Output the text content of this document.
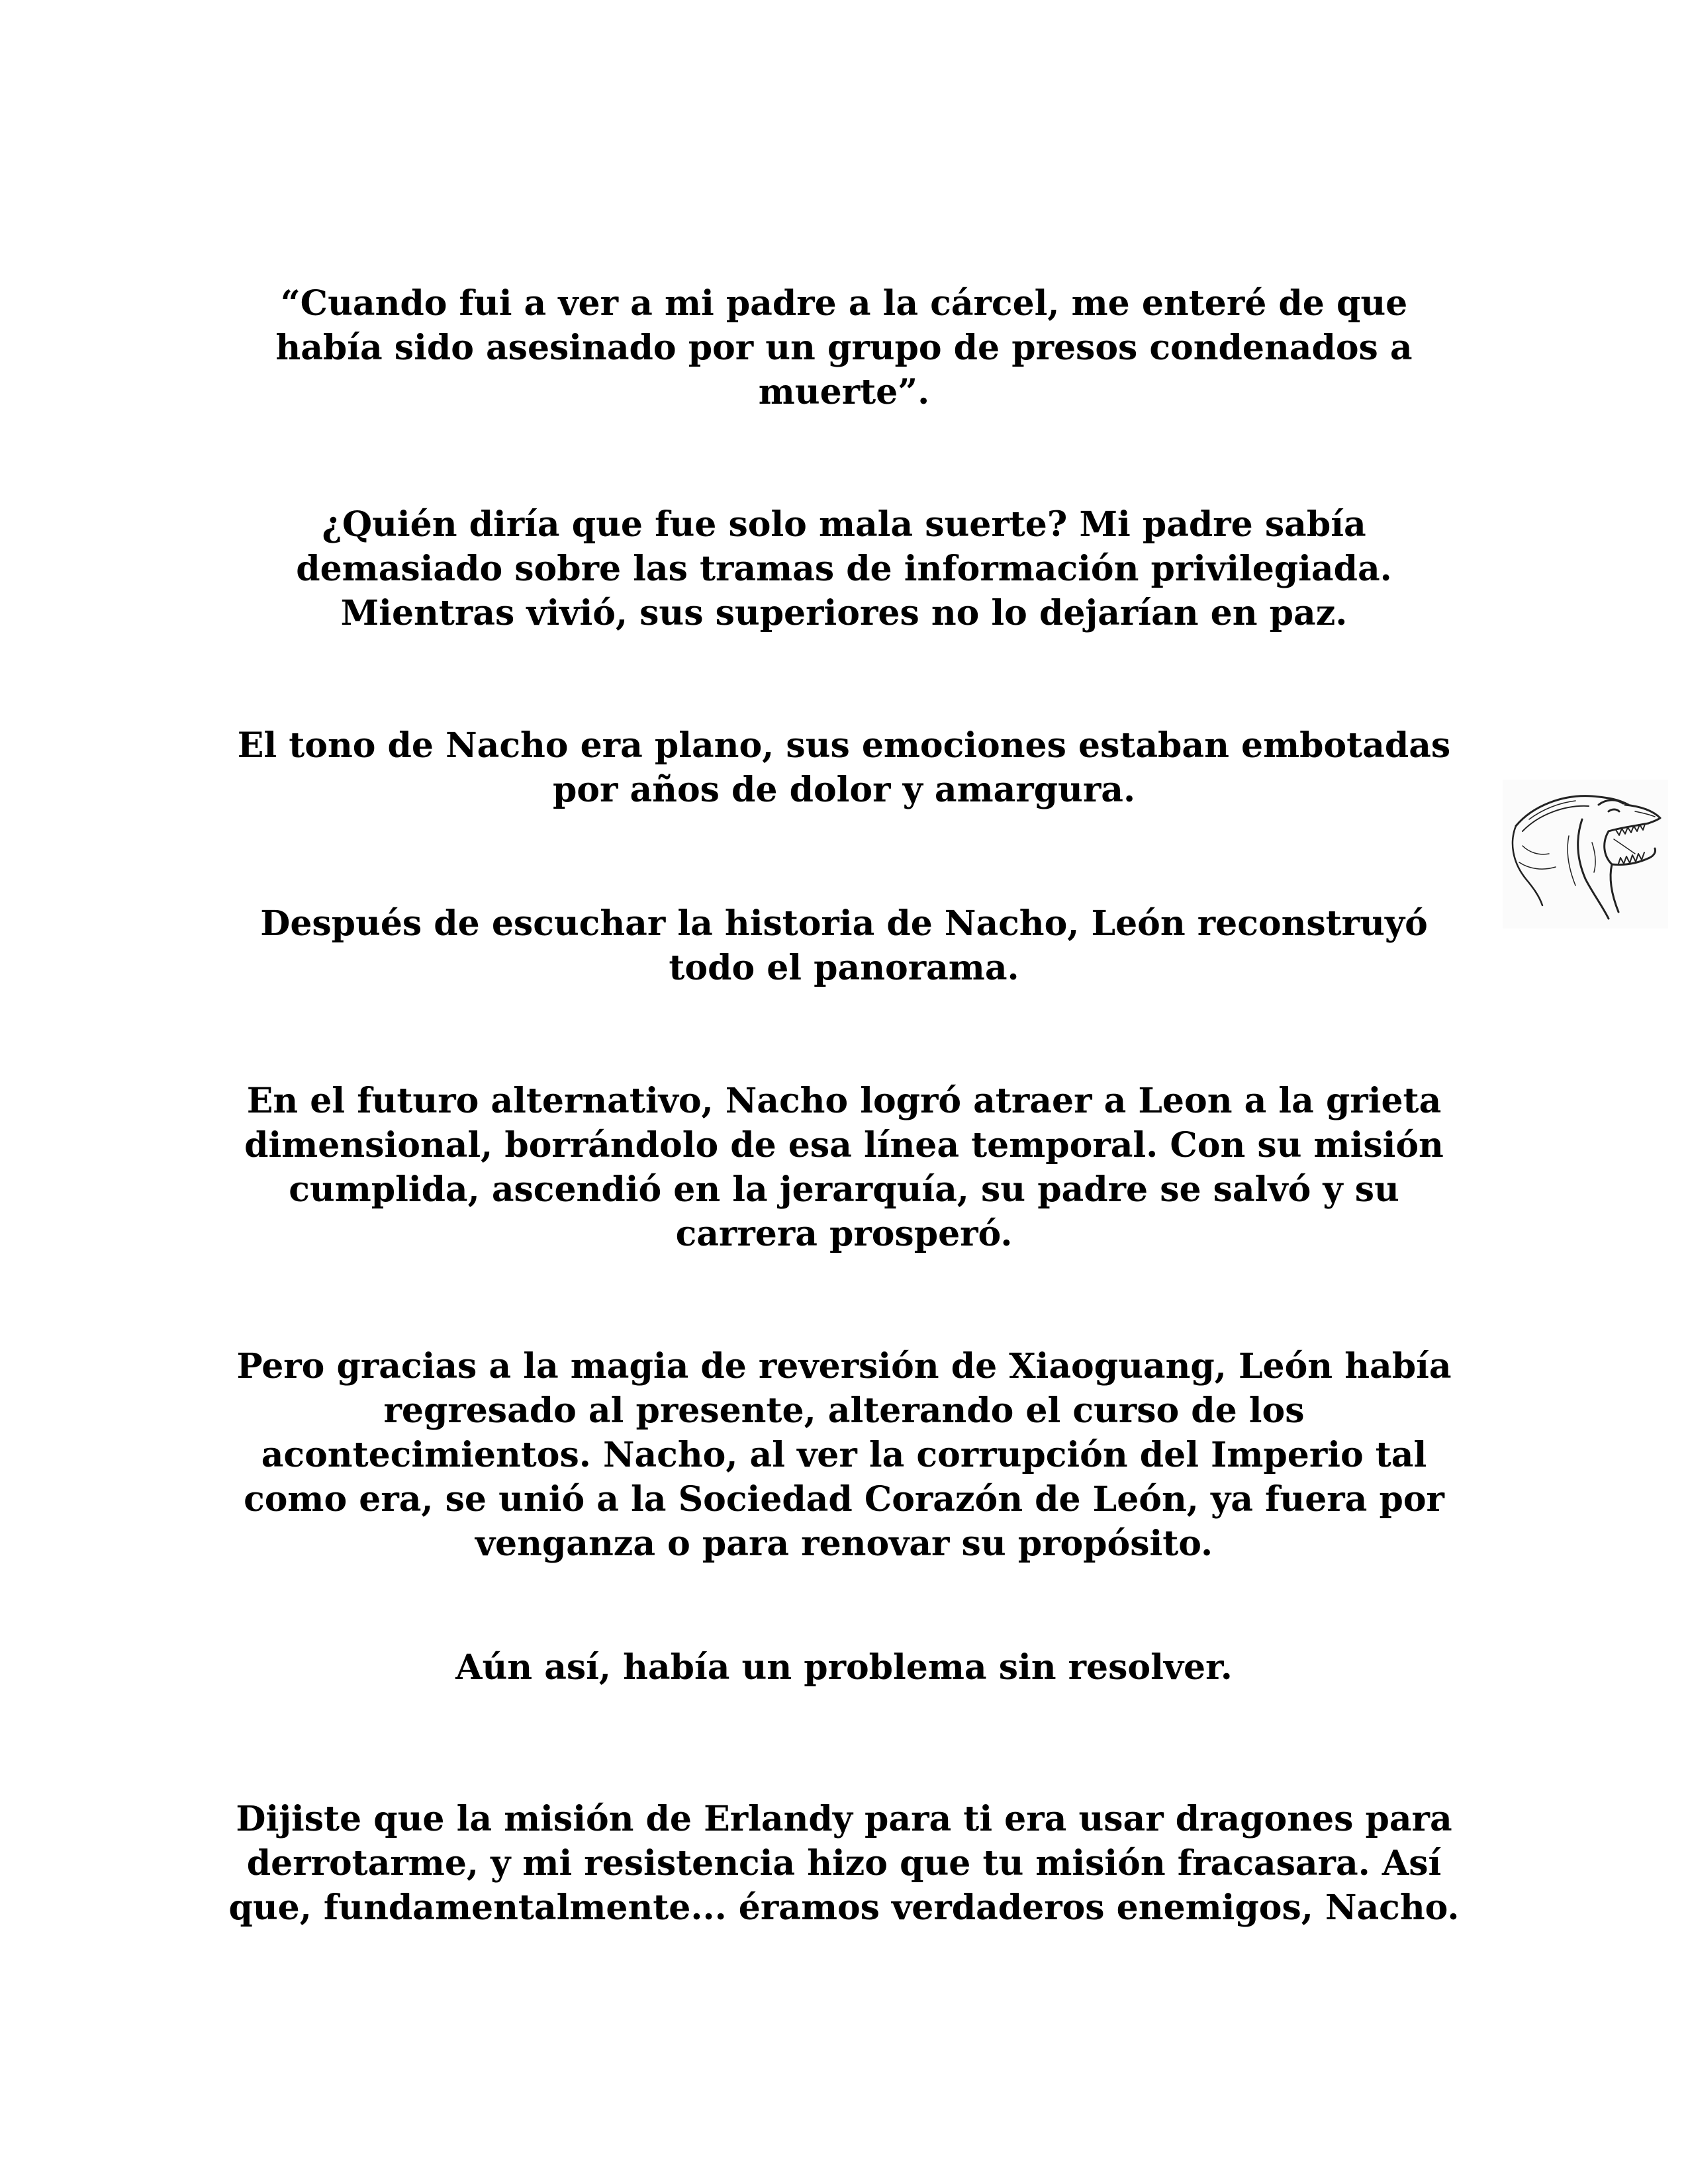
“Cuando fui a ver a mi padre a la cárcel, me enteré de que había sido asesinado por un grupo de presos condenados a muerte”.

¿Quién diría que fue solo mala suerte? Mi padre sabía demasiado sobre las tramas de información privilegiada. Mientras vivió, sus superiores no lo dejarían en paz.

El tono de Nacho era plano, sus emociones estaban embotadas por años de dolor y amargura.

Después de escuchar la historia de Nacho, León reconstruyó todo el panorama.

En el futuro alternativo, Nacho logró atraer a Leon a la grieta dimensional, borrándolo de esa línea temporal. Con su misión cumplida, ascendió en la jerarquía, su padre se salvó y su carrera prosperó.

Pero gracias a la magia de reversión de Xiaoguang, León había regresado al presente, alterando el curso de los acontecimientos. Nacho, al ver la corrupción del Imperio tal como era, se unió a la Sociedad Corazón de León, ya fuera por venganza o para renovar su propósito.

Aún así, había un problema sin resolver.

Dijiste que la misión de Erlandy para ti era usar dragones para derrotarme, y mi resistencia hizo que tu misión fracasara. Así que, fundamentalmente... éramos verdaderos enemigos, Nacho.
